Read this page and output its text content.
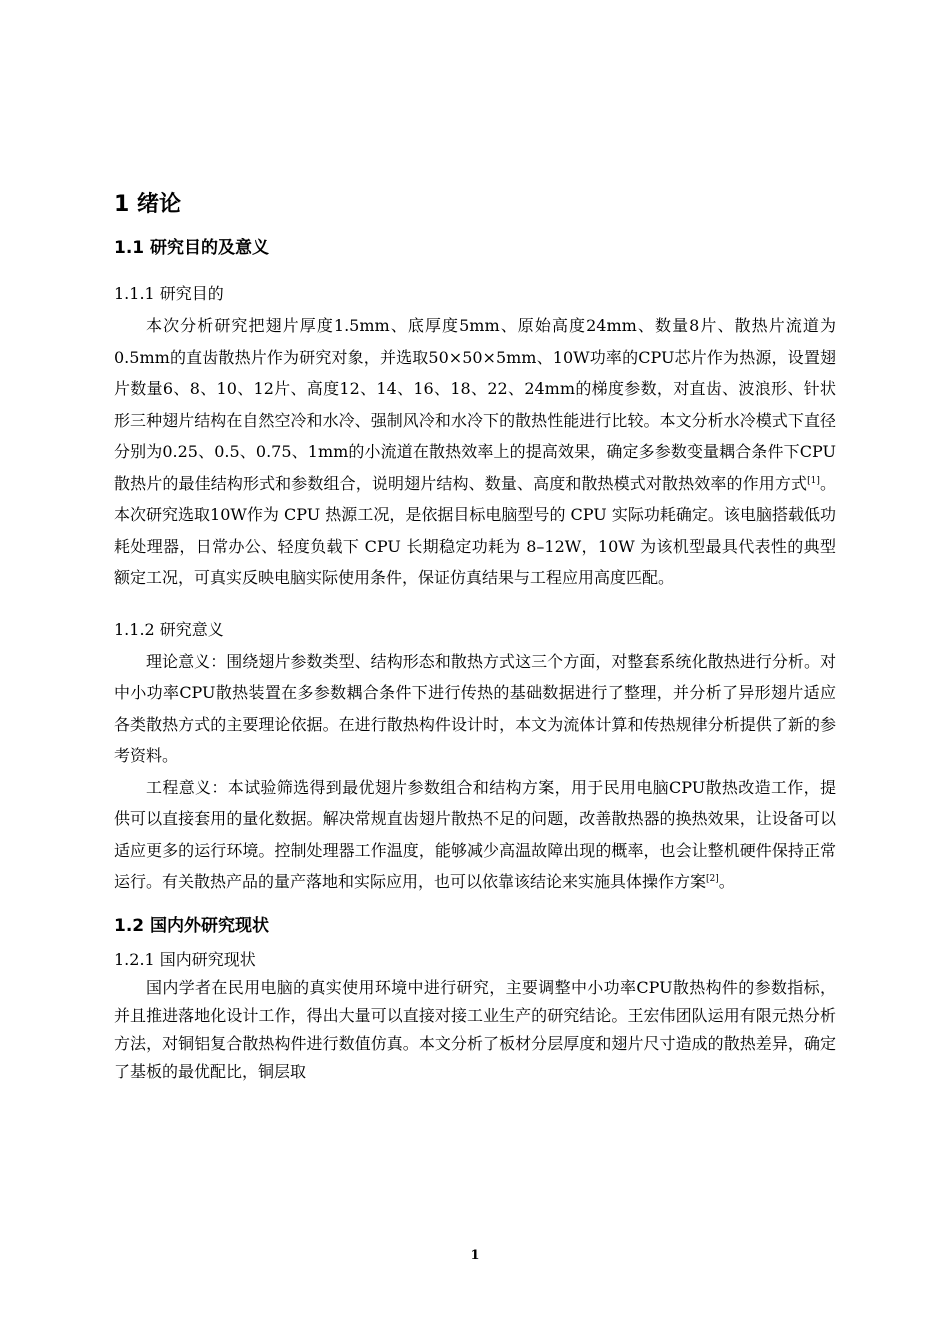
1 绪论
1.1 研究目的及意义
1.1.1 研究目的

本次分析研究把翅片厚度1.5mm、底厚度5mm、原始高度24mm、数量8片、散热片流道为0.5mm的直齿散热片作为研究对象，并选取50×50×5mm、10W功率的CPU芯片作为热源，设置翅片数量6、8、10、12片、高度12、14、16、18、22、24mm的梯度参数，对直齿、波浪形、针状形三种翅片结构在自然空冷和水冷、强制风冷和水冷下的散热性能进行比较。本文分析水冷模式下直径分别为0.25、0.5、0.75、1mm的小流道在散热效率上的提高效果，确定多参数变量耦合条件下CPU散热片的最佳结构形式和参数组合，说明翅片结构、数量、高度和散热模式对散热效率的作用方式[1]。本次研究选取10W作为 CPU 热源工况，是依据目标电脑型号的 CPU 实际功耗确定。该电脑搭载低功耗处理器，日常办公、轻度负载下 CPU 长期稳定功耗为 8–12W，10W 为该机型最具代表性的典型额定工况，可真实反映电脑实际使用条件，保证仿真结果与工程应用高度匹配。

1.1.2 研究意义

理论意义：围绕翅片参数类型、结构形态和散热方式这三个方面，对整套系统化散热进行分析。对中小功率CPU散热装置在多参数耦合条件下进行传热的基础数据进行了整理，并分析了异形翅片适应各类散热方式的主要理论依据。在进行散热构件设计时，本文为流体计算和传热规律分析提供了新的参考资料。

工程意义：本试验筛选得到最优翅片参数组合和结构方案，用于民用电脑CPU散热改造工作，提供可以直接套用的量化数据。解决常规直齿翅片散热不足的问题，改善散热器的换热效果，让设备可以适应更多的运行环境。控制处理器工作温度，能够减少高温故障出现的概率，也会让整机硬件保持正常运行。有关散热产品的量产落地和实际应用，也可以依靠该结论来实施具体操作方案[2]。

1.2 国内外研究现状
1.2.1 国内研究现状

国内学者在民用电脑的真实使用环境中进行研究，主要调整中小功率CPU散热构件的参数指标，并且推进落地化设计工作，得出大量可以直接对接工业生产的研究结论。王宏伟团队运用有限元热分析方法，对铜铝复合散热构件进行数值仿真。本文分析了板材分层厚度和翅片尺寸造成的散热差异，确定了基板的最优配比，铜层取

1
